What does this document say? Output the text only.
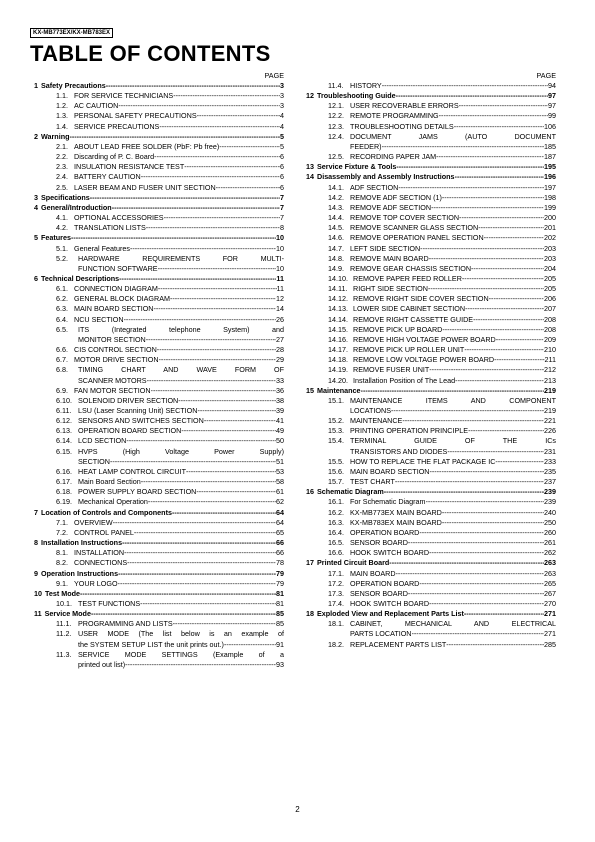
KX-MB773EX/KX-MB783EX
TABLE OF CONTENTS
PAGE
1 Safety Precautions -----	3
1.1. FOR SERVICE TECHNICIANS -----	3
1.2. AC CAUTION -----	3
1.3. PERSONAL SAFETY PRECAUTIONS -----	4
1.4. SERVICE PRECAUTIONS -----	4
2 Warning -----	5
2.1. ABOUT LEAD FREE SOLDER (PbF: Pb free) -----	5
2.2. Discarding of P. C. Board -----	6
2.3. INSULATION RESISTANCE TEST -----	6
2.4. BATTERY CAUTION -----	6
2.5. LASER BEAM AND FUSER UNIT SECTION -----	6
3 Specifications -----	7
4 General/Introduction -----	7
4.1. OPTIONAL ACCESSORIES -----	7
4.2. TRANSLATION LISTS -----	8
5 Features -----	10
5.1. General Features -----	10
5.2. HARDWARE REQUIREMENTS FOR MULTI-
FUNCTION SOFTWARE -----	10
6 Technical Descriptions -----	11
6.1. CONNECTION DIAGRAM -----	11
6.2. GENERAL BLOCK DIAGRAM -----	12
6.3. MAIN BOARD SECTION -----	14
6.4. NCU SECTION -----	26
6.5. ITS (Integrated telephone System) and
MONITOR SECTION -----	27
6.6. CIS CONTROL SECTION -----	28
6.7. MOTOR DRIVE SECTION -----	29
6.8. TIMING CHART AND WAVE FORM OF
SCANNER MOTORS -----	33
6.9. FAN MOTOR SECTION -----	36
6.10. SOLENOID DRIVER SECTION -----	38
6.11. LSU (Laser Scanning Unit) SECTION -----	39
6.12. SENSORS AND SWITCHES SECTION -----	41
6.13. OPERATION BOARD SECTION -----	49
6.14. LCD SECTION -----	50
6.15. HVPS (High Voltage Power Supply)
SECTION -----	51
6.16. HEAT LAMP CONTROL CIRCUIT -----	53
6.17. Main Board Section -----	58
6.18. POWER SUPPLY BOARD SECTION -----	61
6.19. Mechanical Operation -----	62
7 Location of Controls and Components -----	64
7.1. OVERVIEW -----	64
7.2. CONTROL PANEL -----	65
8 Installation Instructions -----	66
8.1. INSTALLATION -----	66
8.2. CONNECTIONS -----	78
9 Operation Instructions -----	79
9.1. YOUR LOGO -----	79
10 Test Mode -----	81
10.1. TEST FUNCTIONS -----	81
11 Service Mode -----	85
11.1. PROGRAMMING AND LISTS -----	85
11.2. USER MODE (The list below is an example of
the SYSTEM SETUP LIST the unit prints out.) -----	91
11.3. SERVICE MODE SETTINGS (Example of a
printed out list) -----	93
PAGE
11.4. HISTORY -----	94
12 Troubleshooting Guide -----	97
12.1. USER RECOVERABLE ERRORS -----	97
12.2. REMOTE PROGRAMMING -----	99
12.3. TROUBLESHOOTING DETAILS -----	106
12.4. DOCUMENT JAMS (AUTO DOCUMENT
FEEDER) -----	185
12.5. RECORDING PAPER JAM -----	187
13 Service Fixture & Tools -----	195
14 Disassembly and Assembly Instructions -----	196
14.1. ADF SECTION -----	197
14.2. REMOVE ADF SECTION (1) -----	198
14.3. REMOVE ADF SECTION -----	199
14.4. REMOVE TOP COVER SECTION -----	200
14.5. REMOVE SCANNER GLASS SECTION -----	201
14.6. REMOVE OPERATION PANEL SECTION -----	202
14.7. LEFT SIDE SECTION -----	203
14.8. REMOVE MAIN BOARD -----	203
14.9. REMOVE GEAR CHASSIS SECTION -----	204
14.10. REMOVE PAPER FEED ROLLER -----	205
14.11. RIGHT SIDE SECTION -----	205
14.12. REMOVE RIGHT SIDE COVER SECTION -----	206
14.13. LOWER SIDE CABINET SECTION -----	207
14.14. REMOVE RIGHT CASSETTE GUIDE -----	208
14.15. REMOVE PICK UP BOARD -----	208
14.16. REMOVE HIGH VOLTAGE POWER BOARD -----	209
14.17. REMOVE PICK UP ROLLER UNIT -----	210
14.18. REMOVE LOW VOLTAGE POWER BOARD -----	211
14.19. REMOVE FUSER UNIT -----	212
14.20. Installation Position of The Lead -----	213
15 Maintenance -----	219
15.1. MAINTENANCE ITEMS AND COMPONENT
LOCATIONS -----	219
15.2. MAINTENANCE -----	221
15.3. PRINTING OPERATION PRINCIPLE -----	226
15.4. TERMINAL GUIDE OF THE ICs
TRANSISTORS AND DIODES -----	231
15.5. HOW TO REPLACE THE FLAT PACKAGE IC -----	233
15.6. MAIN BOARD SECTION -----	235
15.7. TEST CHART -----	237
16 Schematic Diagram -----	239
16.1. For Schematic Diagram -----	239
16.2. KX-MB773EX MAIN BOARD -----	240
16.3. KX-MB783EX MAIN BOARD -----	250
16.4. OPERATION BOARD -----	260
16.5. SENSOR BOARD -----	261
16.6. HOOK SWITCH BOARD -----	262
17 Printed Circuit Board -----	263
17.1. MAIN BOARD -----	263
17.2. OPERATION BOARD -----	265
17.3. SENSOR BOARD -----	267
17.4. HOOK SWITCH BOARD -----	270
18 Exploded View and Replacement Parts List -----	271
18.1. CABINET, MECHANICAL AND ELECTRICAL
PARTS LOCATION -----	271
18.2. REPLACEMENT PARTS LIST -----	285
2
